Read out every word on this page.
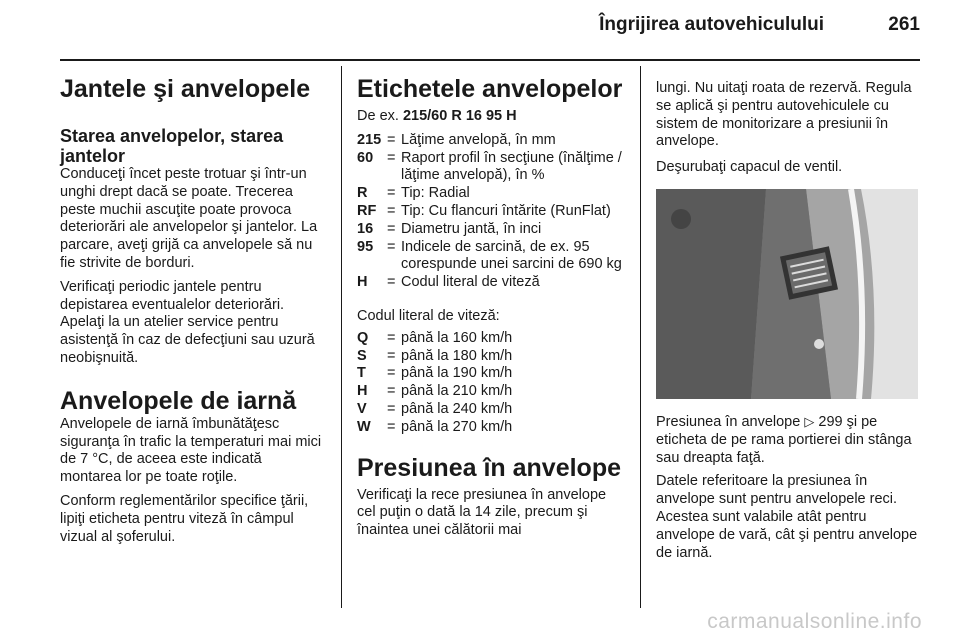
Îngrijirea autovehiculului	261
Jantele şi anvelopele
Starea anvelopelor, starea jantelor

Conduceţi încet peste trotuar şi într-un unghi drept dacă se poate. Trecerea peste muchii ascuţite poate provoca deteriorări ale anvelopelor şi jantelor. La parcare, aveţi grijă ca anvelopele să nu fie strivite de borduri.

Verificaţi periodic jantele pentru depistarea eventualelor deteriorări. Apelaţi la un atelier service pentru asistenţă în caz de defecţiuni sau uzură neobişnuită.

Anvelopele de iarnă

Anvelopele de iarnă îmbunătăţesc siguranţa în trafic la temperaturi mai mici de 7 °C, de aceea este indicată montarea lor pe toate roţile.

Conform reglementărilor specifice ţării, lipiţi eticheta pentru viteză în câmpul vizual al şoferului.

Etichetele anvelopelor

De ex. 215/60 R 16 95 H

215 = Lăţime anvelopă, în mm
60 = Raport profil în secţiune (înălţime / lăţime anvelopă), în %
R	= Tip: Radial
RF = Tip: Cu flancuri întărite (RunFlat)
16 = Diametru jantă, în inci
95 = Indicele de sarcină, de ex. 95 corespunde unei sarcini de 690 kg
H	= Codul literal de viteză

Codul literal de viteză:

Q	= până la 160 km/h
S	= până la 180 km/h
T	= până la 190 km/h
H	= până la 210 km/h
V	= până la 240 km/h
W	= până la 270 km/h
Presiunea în anvelope

Verificaţi la rece presiunea în anvelope cel puţin o dată la 14 zile, precum şi înaintea unei călătorii mai

lungi. Nu uitaţi roata de rezervă. Regula se aplică şi pentru autovehiculele cu sistem de monitorizare a presiunii în anvelope.

Deşurubaţi capacul de ventil.

Presiunea în anvelope ▷ 299 şi pe eticheta de pe rama portierei din stânga sau dreapta faţă.

Datele referitoare la presiunea în anvelope sunt pentru anvelopele reci. Acestea sunt valabile atât pentru anvelope de vară, cât şi pentru anvelope de iarnă.

carmanualsonline.info
